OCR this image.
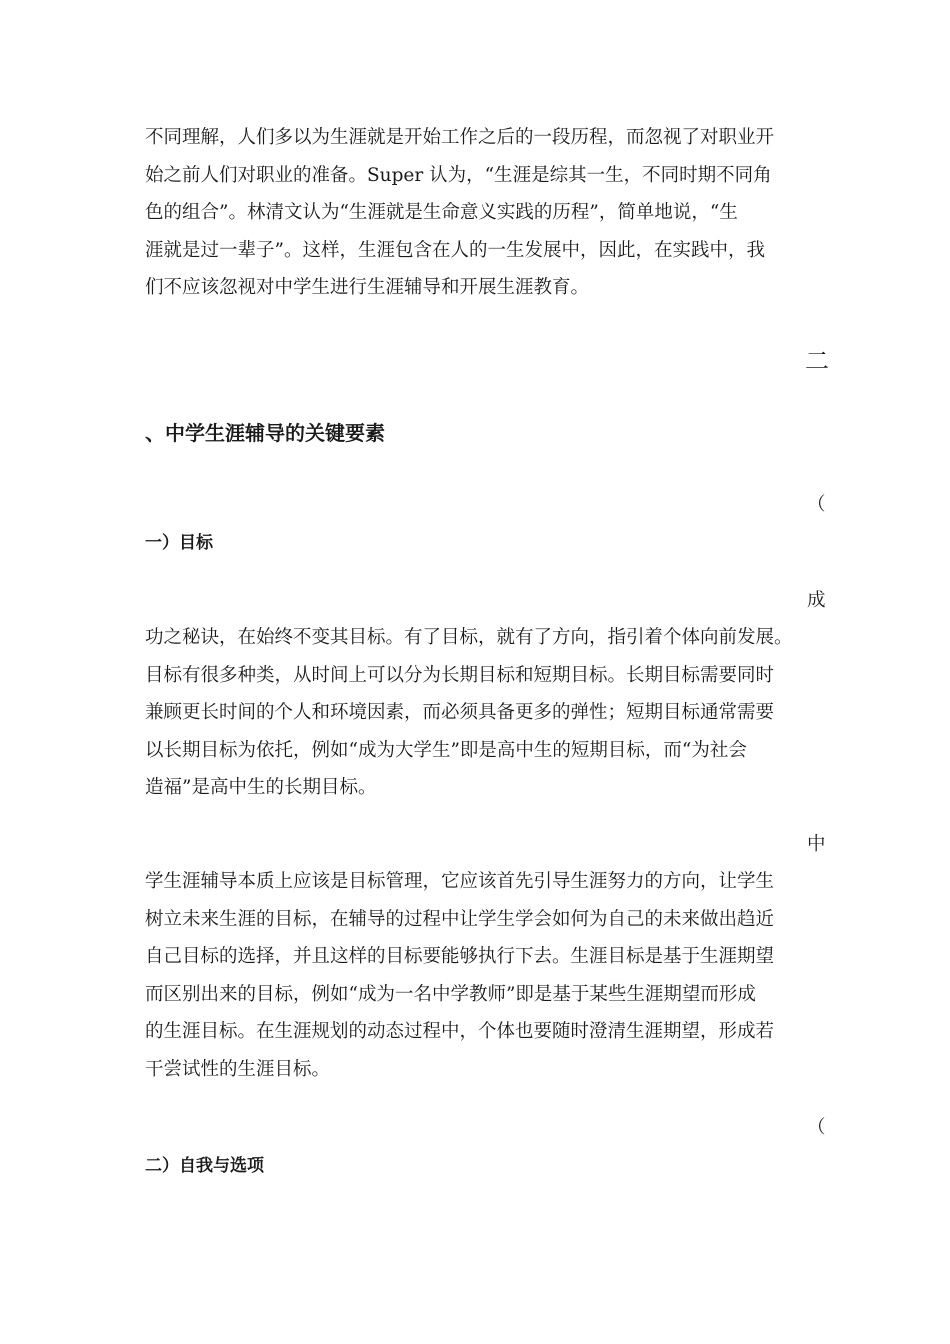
不同理解，人们多以为生涯就是开始工作之后的一段历程，而忽视了对职业开
始之前人们对职业的准备。Super 认为，“生涯是综其一生，不同时期不同角
色的组合”。林清文认为“生涯就是生命意义实践的历程”，简单地说，“生
涯就是过一辈子”。这样，生涯包含在人的一生发展中，因此，在实践中，我
们不应该忽视对中学生进行生涯辅导和开展生涯教育。
二
、中学生涯辅导的关键要素
（
一）目标
成
功之秘诀，在始终不变其目标。有了目标，就有了方向，指引着个体向前发展。
目标有很多种类，从时间上可以分为长期目标和短期目标。长期目标需要同时
兼顾更长时间的个人和环境因素，而必须具备更多的弹性；短期目标通常需要
以长期目标为依托，例如“成为大学生”即是高中生的短期目标，而“为社会
造福”是高中生的长期目标。
中
学生涯辅导本质上应该是目标管理，它应该首先引导生涯努力的方向，让学生
树立未来生涯的目标，在辅导的过程中让学生学会如何为自己的未来做出趋近
自己目标的选择，并且这样的目标要能够执行下去。生涯目标是基于生涯期望
而区别出来的目标，例如“成为一名中学教师”即是基于某些生涯期望而形成
的生涯目标。在生涯规划的动态过程中，个体也要随时澄清生涯期望，形成若
干尝试性的生涯目标。
（
二）自我与选项
